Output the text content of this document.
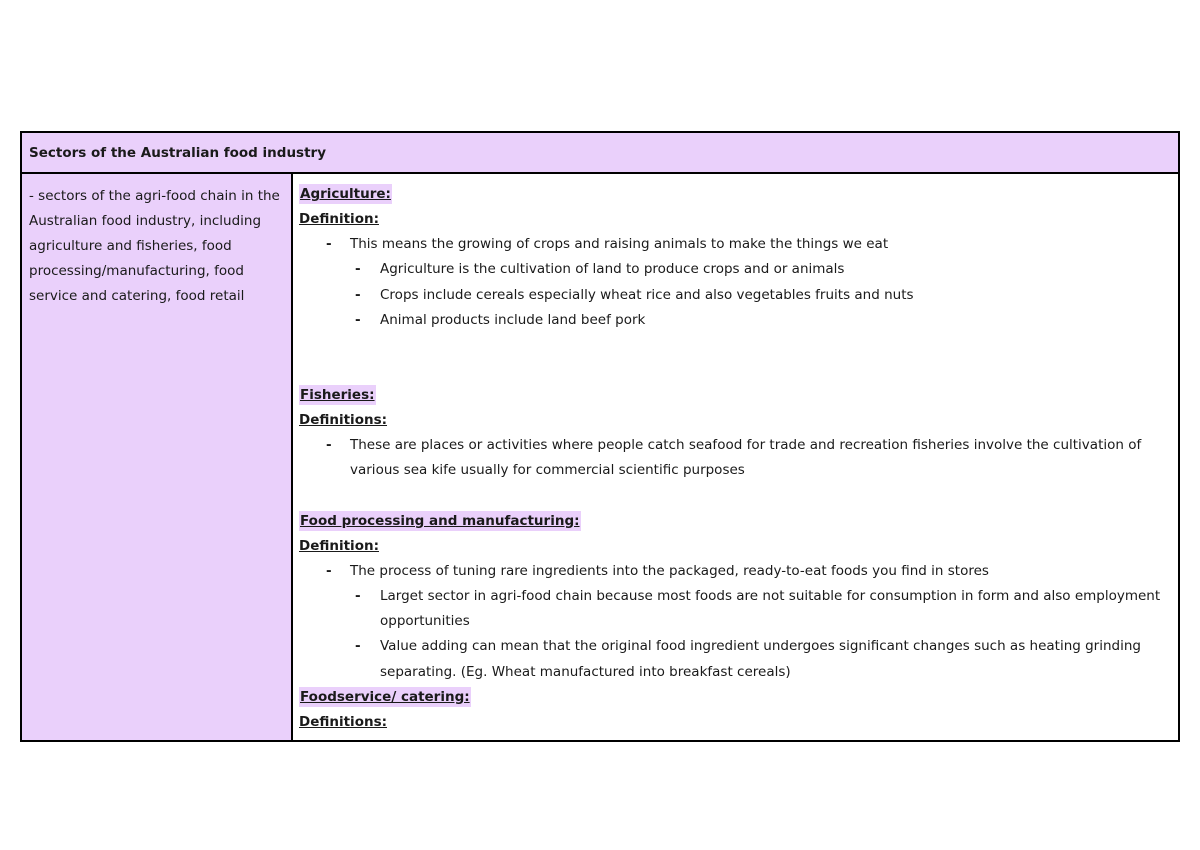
Sectors of the Australian food industry
- sectors of the agri-food chain in the Australian food industry, including agriculture and fisheries, food processing/manufacturing, food service and catering, food retail
Agriculture:
Definition:
- This means the growing of crops and raising animals to make the things we eat
- Agriculture is the cultivation of land to produce crops and or animals
- Crops include cereals especially wheat rice and also vegetables fruits and nuts
- Animal products include land beef pork
Fisheries:
Definitions:
- These are places or activities where people catch seafood for trade and recreation fisheries involve the cultivation of various sea kife usually for commercial scientific purposes
Food processing and manufacturing:
Definition:
- The process of tuning rare ingredients into the packaged, ready-to-eat foods you find in stores
- Larget sector in agri-food chain because most foods are not suitable for consumption in form and also employment opportunities
- Value adding can mean that the original food ingredient undergoes significant changes such as heating grinding separating. (Eg. Wheat manufactured into breakfast cereals)
Foodservice/ catering:
Definitions:
